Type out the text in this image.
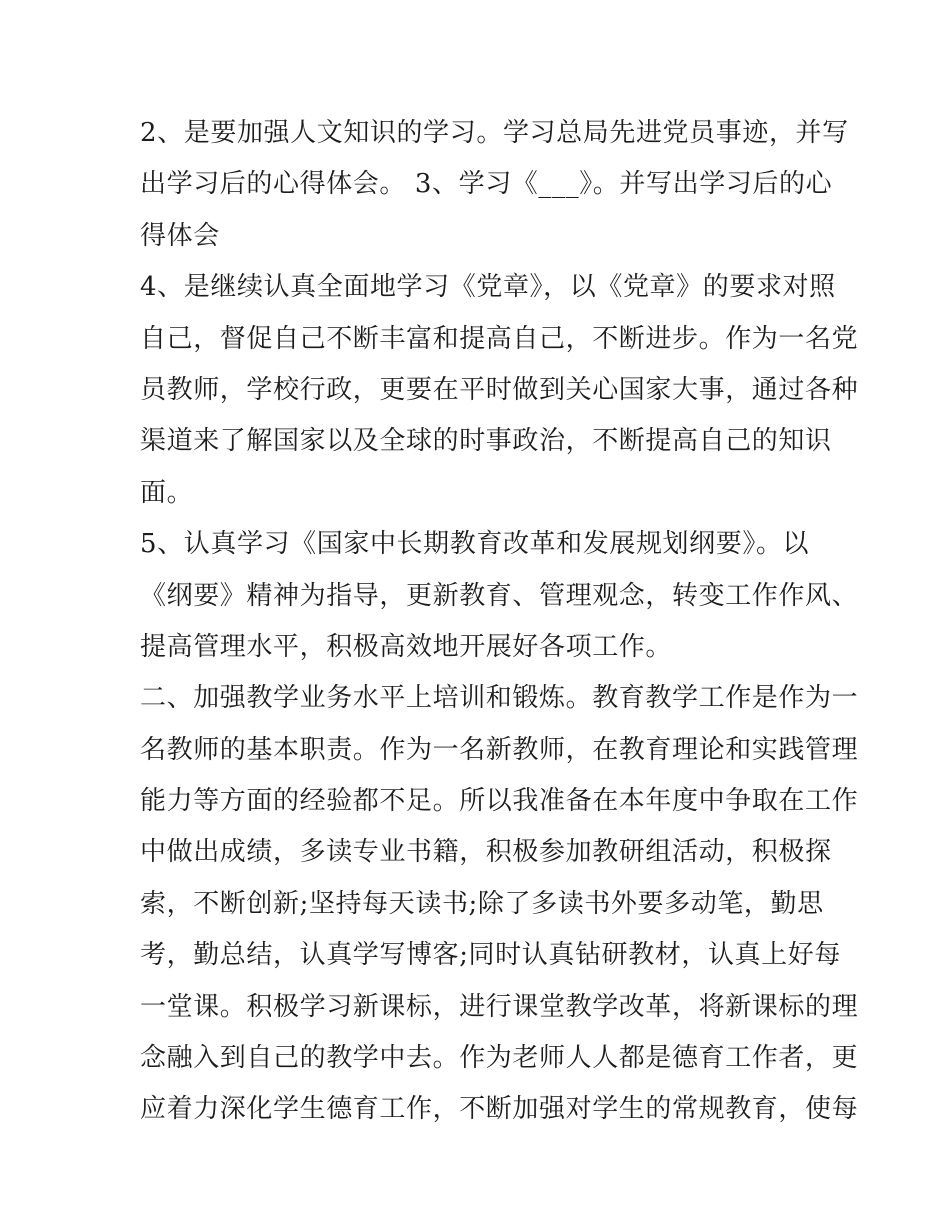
2、是要加强人文知识的学习。学习总局先进党员事迹，并写
出学习后的心得体会。 3、学习《___》。并写出学习后的心
得体会
4、是继续认真全面地学习《党章》，以《党章》的要求对照
自己，督促自己不断丰富和提高自己，不断进步。作为一名党
员教师，学校行政，更要在平时做到关心国家大事，通过各种
渠道来了解国家以及全球的时事政治，不断提高自己的知识
面。
5、认真学习《国家中长期教育改革和发展规划纲要》。以
《纲要》精神为指导，更新教育、管理观念，转变工作作风、
提高管理水平，积极高效地开展好各项工作。
二、加强教学业务水平上培训和锻炼。教育教学工作是作为一
名教师的基本职责。作为一名新教师，在教育理论和实践管理
能力等方面的经验都不足。所以我准备在本年度中争取在工作
中做出成绩，多读专业书籍，积极参加教研组活动，积极探
索，不断创新;坚持每天读书;除了多读书外要多动笔，勤思
考，勤总结，认真学写博客;同时认真钻研教材，认真上好每
一堂课。积极学习新课标，进行课堂教学改革，将新课标的理
念融入到自己的教学中去。作为老师人人都是德育工作者，更
应着力深化学生德育工作，不断加强对学生的常规教育，使每
